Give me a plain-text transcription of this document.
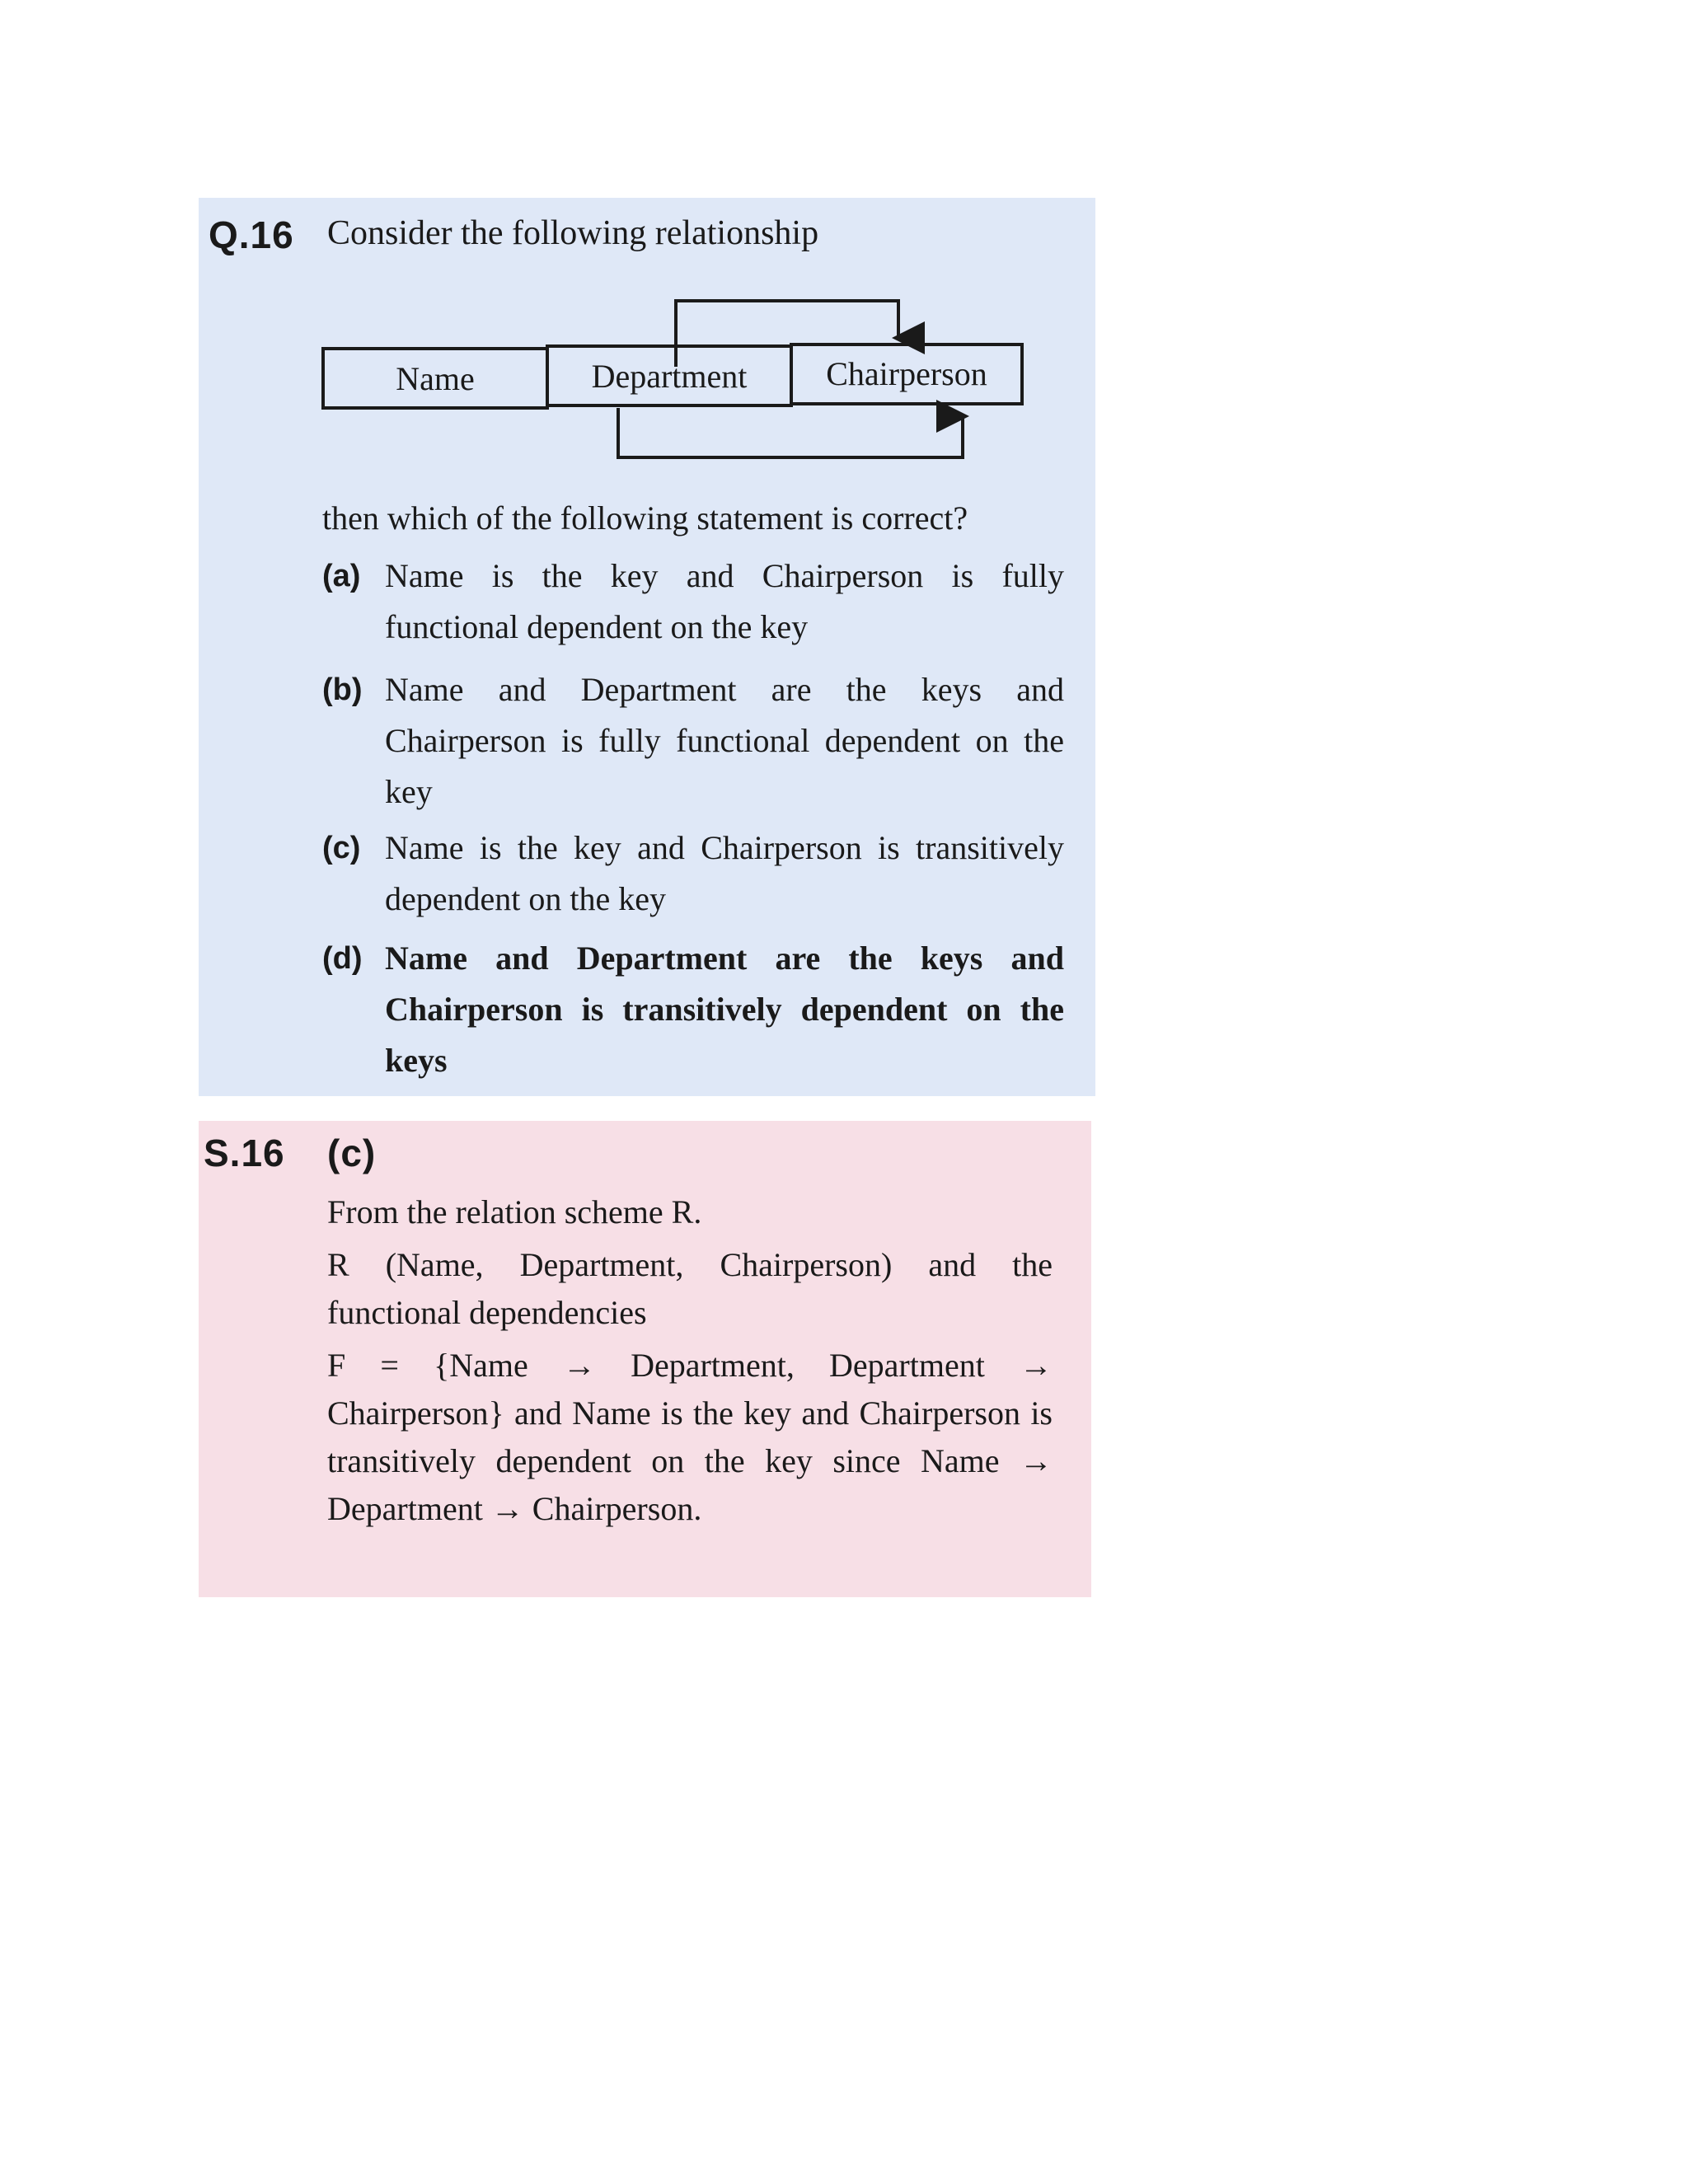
Q.16 Consider the following relationship
Name	Department Chairperson
then which of the following statement is correct?
(a) Name is the key and Chairperson is fully functional dependent on the key
(b) Name and Department are the keys and Chairperson is fully functional dependent on the key
(c) Name is the key and Chairperson is transitively dependent on the key
(d) Name and Department are the keys and Chairperson is transitively dependent on the keys
S.16 (c)
From the relation scheme R.
R (Name, Department, Chairperson) and the functional dependencies
F = {Name → Department, Department → Chairperson} and Name is the key and Chairperson is transitively dependent on the key since Name → Department → Chairperson.
